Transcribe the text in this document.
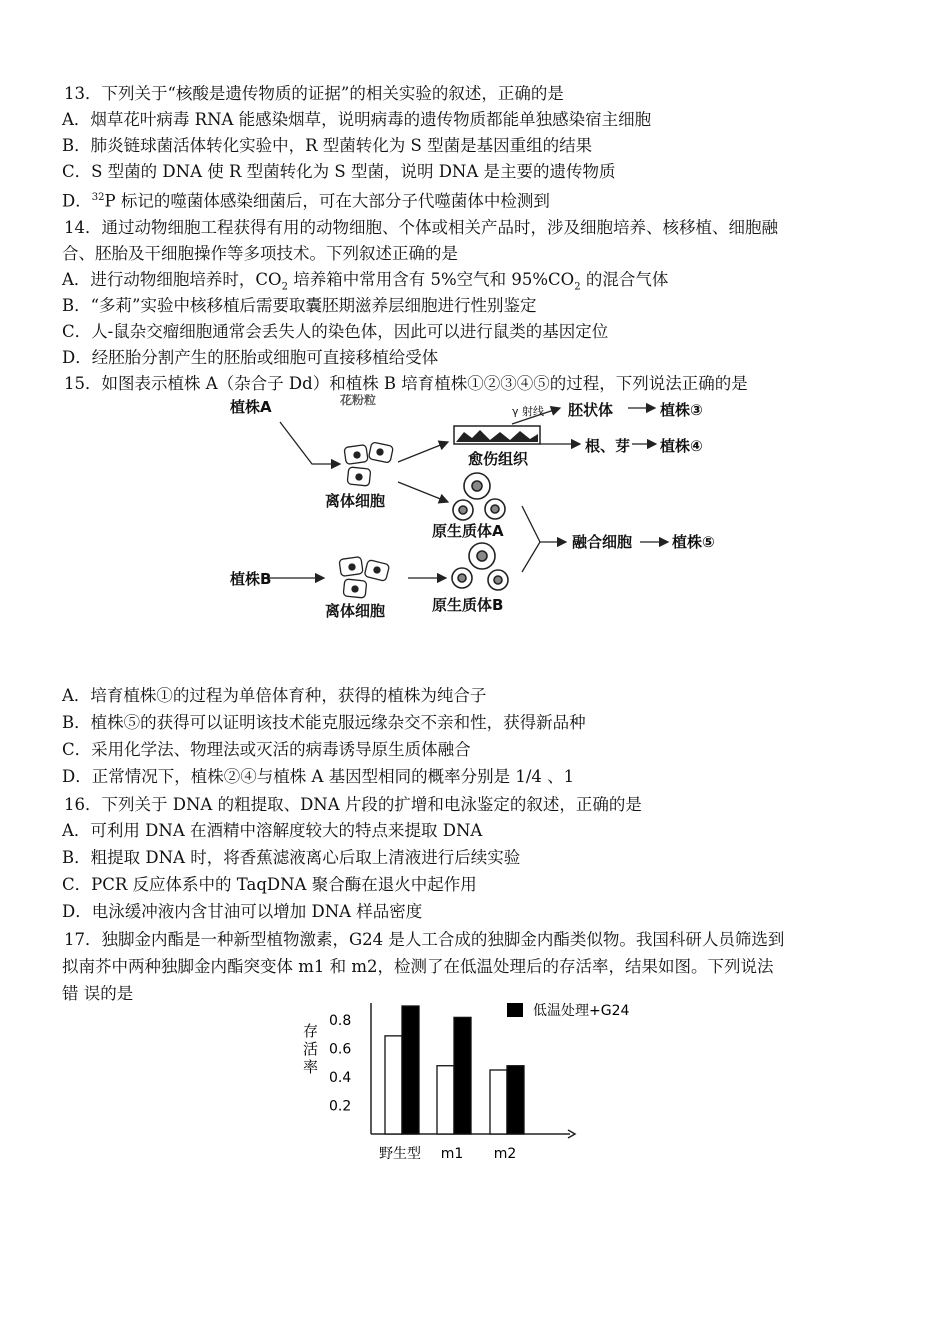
13．下列关于“核酸是遗传物质的证据”的相关实验的叙述，正确的是
A．烟草花叶病毒 RNA 能感染烟草，说明病毒的遗传物质都能单独感染宿主细胞
B．肺炎链球菌活体转化实验中，R 型菌转化为 S 型菌是基因重组的结果
C．S 型菌的 DNA 使 R 型菌转化为 S 型菌，说明 DNA 是主要的遗传物质
D．$^{32}$P 标记的噬菌体感染细菌后，可在大部分子代噬菌体中检测到
14．通过动物细胞工程获得有用的动物细胞、个体或相关产品时，涉及细胞培养、核移植、细胞融
合、胚胎及干细胞操作等多项技术。下列叙述正确的是
A．进行动物细胞培养时，$CO_2$ 培养箱中常用含有 5%空气和 $95\%CO_2$ 的混合气体
B．“多莉”实验中核移植后需要取囊胚期滋养层细胞进行性别鉴定
C．人-鼠杂交瘤细胞通常会丢失人的染色体，因此可以进行鼠类的基因定位
D．经胚胎分割产生的胚胎或细胞可直接移植给受体
15．如图表示植株 A（杂合子 Dd）和植株 B 培育植株①②③④⑤的过程，下列说法正确的是
植株A	花粉粒
植株B
离体细胞
离体细胞
γ 射线 胚状体	植株③
愈伤组织
根、芽 植株④
原生质体A
原生质体B
融合细胞	植株⑤
A．培育植株①的过程为单倍体育种，获得的植株为纯合子
B．植株⑤的获得可以证明该技术能克服远缘杂交不亲和性，获得新品种
C．采用化学法、物理法或灭活的病毒诱导原生质体融合
D．正常情况下，植株②④与植株 A 基因型相同的概率分别是 1/4 、1
16．下列关于 DNA 的粗提取、DNA 片段的扩增和电泳鉴定的叙述，正确的是
A．可利用 DNA 在酒精中溶解度较大的特点来提取 DNA
B．粗提取 DNA 时，将香蕉滤液离心后取上清液进行后续实验
C．PCR 反应体系中的 TaqDNA 聚合酶在退火中起作用
D．电泳缓冲液内含甘油可以增加 DNA 样品密度
17．独脚金内酯是一种新型植物激素，G24 是人工合成的独脚金内酯类似物。我国科研人员筛选到
拟南芥中两种独脚金内酯突变体 m1 和 m2，检测了在低温处理后的存活率，结果如图。下列说法
错 误的是
0.2
0.4
0.6
0.8
野生型 m1 m2
存活率
低温处理+G24
